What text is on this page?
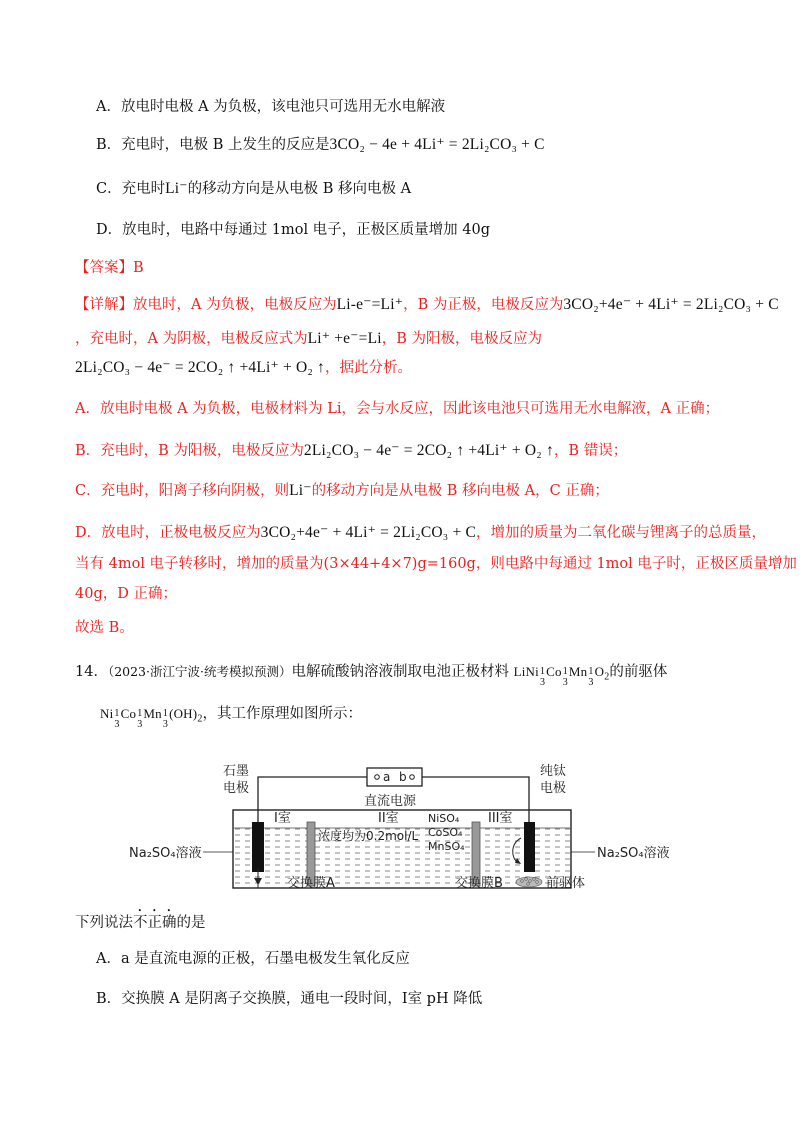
A．放电时电极 A 为负极，该电池只可选用无水电解液
B．充电时，电极 B 上发生的反应是3CO₂ − 4e + 4Li⁺ = 2Li₂CO₃ + C
C．充电时Li⁻的移动方向是从电极 B 移向电极 A
D．放电时，电路中每通过 1mol 电子，正极区质量增加 40g
【答案】B
【详解】放电时，A 为负极，电极反应为Li-e⁻=Li⁺，B 为正极，电极反应为3CO₂+4e⁻ + 4Li⁺ = 2Li₂CO₃ + C
，充电时，A 为阴极，电极反应式为Li⁺ +e⁻=Li，B 为阳极，电极反应为
2Li₂CO₃ − 4e⁻ = 2CO₂ ↑ +4Li⁺ + O₂ ↑，据此分析。
A．放电时电极 A 为负极，电极材料为 Li，会与水反应，因此该电池只可选用无水电解液，A 正确；
B．充电时，B 为阳极，电极反应为2Li₂CO₃ − 4e⁻ = 2CO₂ ↑ +4Li⁺ + O₂ ↑，B 错误；
C．充电时，阳离子移向阴极，则Li⁻的移动方向是从电极 B 移向电极 A，C 正确；
D．放电时，正极电极反应为3CO₂+4e⁻ + 4Li⁺ = 2Li₂CO₃ + C，增加的质量为二氧化碳与锂离子的总质量，
当有 4mol 电子转移时，增加的质量为(3×44+4×7)g=160g，则电路中每通过 1mol 电子时，正极区质量增加
40g，D 正确；
故选 B。
14．（2023·浙江宁波·统考模拟预测）电解硫酸钠溶液制取电池正极材料 LiNi 1
3
Co 1
3
Mn 1
3
$O_2$的前驱体
Ni 1
3
Co 1
3
Mn 1
3
$(OH)_2$，其工作原理如图所示：
a b
直流电源
石墨
电极
纯钛
电极
I室	II室	III室
NiSO₄
CoSO₄
MnSO₄
浓度均为0.2mol/L
Na₂SO₄溶液	Na₂SO₄溶液
交换膜A	交换膜B	前驱体
下列说法不正确的是
A．a 是直流电源的正极，石墨电极发生氧化反应
B．交换膜 A 是阴离子交换膜，通电一段时间，Ⅰ室 pH 降低
